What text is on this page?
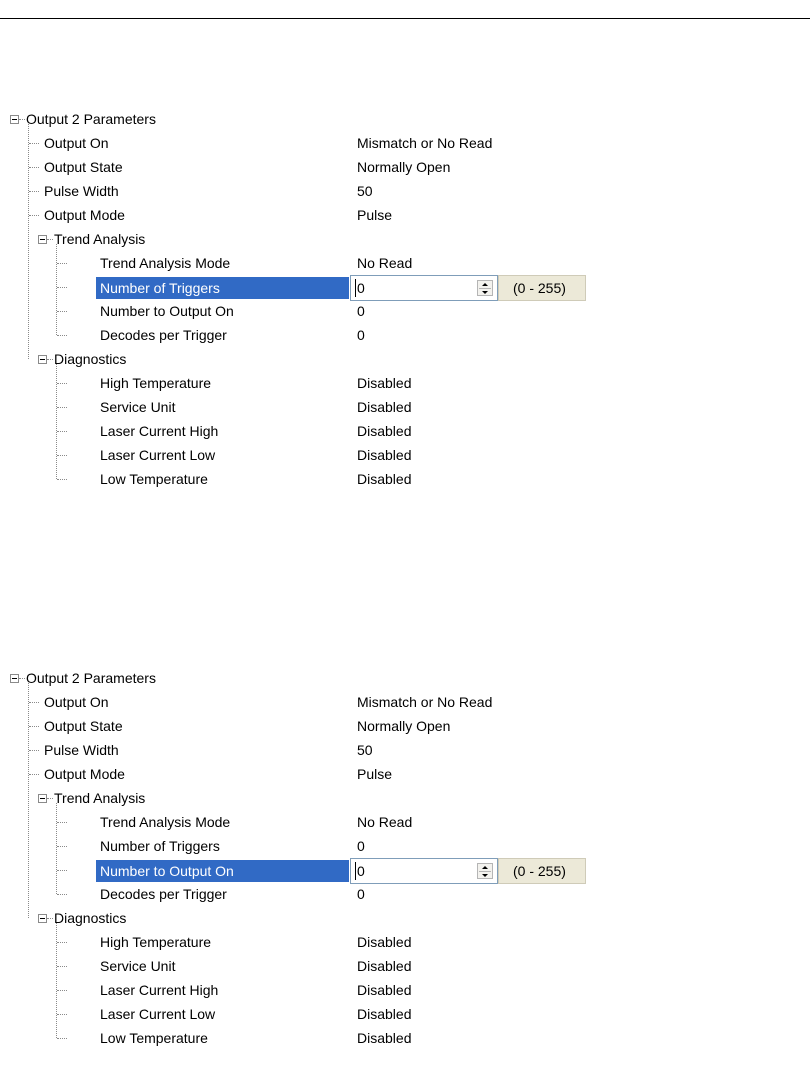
Output 2 Parameters
Output On	Mismatch or No Read
Output State	Normally Open
Pulse Width	50
Output Mode	Pulse
Trend Analysis
Trend Analysis Mode	No Read
Number of Triggers	0	(0 - 255)
Number to Output On	0
Decodes per Trigger	0
Diagnostics
High Temperature	Disabled
Service Unit	Disabled
Laser Current High	Disabled
Laser Current Low	Disabled
Low Temperature	Disabled
Output 2 Parameters
Output On	Mismatch or No Read
Output State	Normally Open
Pulse Width	50
Output Mode	Pulse
Trend Analysis
Trend Analysis Mode	No Read
Number of Triggers	0
Number to Output On	0	(0 - 255)
Decodes per Trigger	0
Diagnostics
High Temperature	Disabled
Service Unit	Disabled
Laser Current High	Disabled
Laser Current Low	Disabled
Low Temperature	Disabled
